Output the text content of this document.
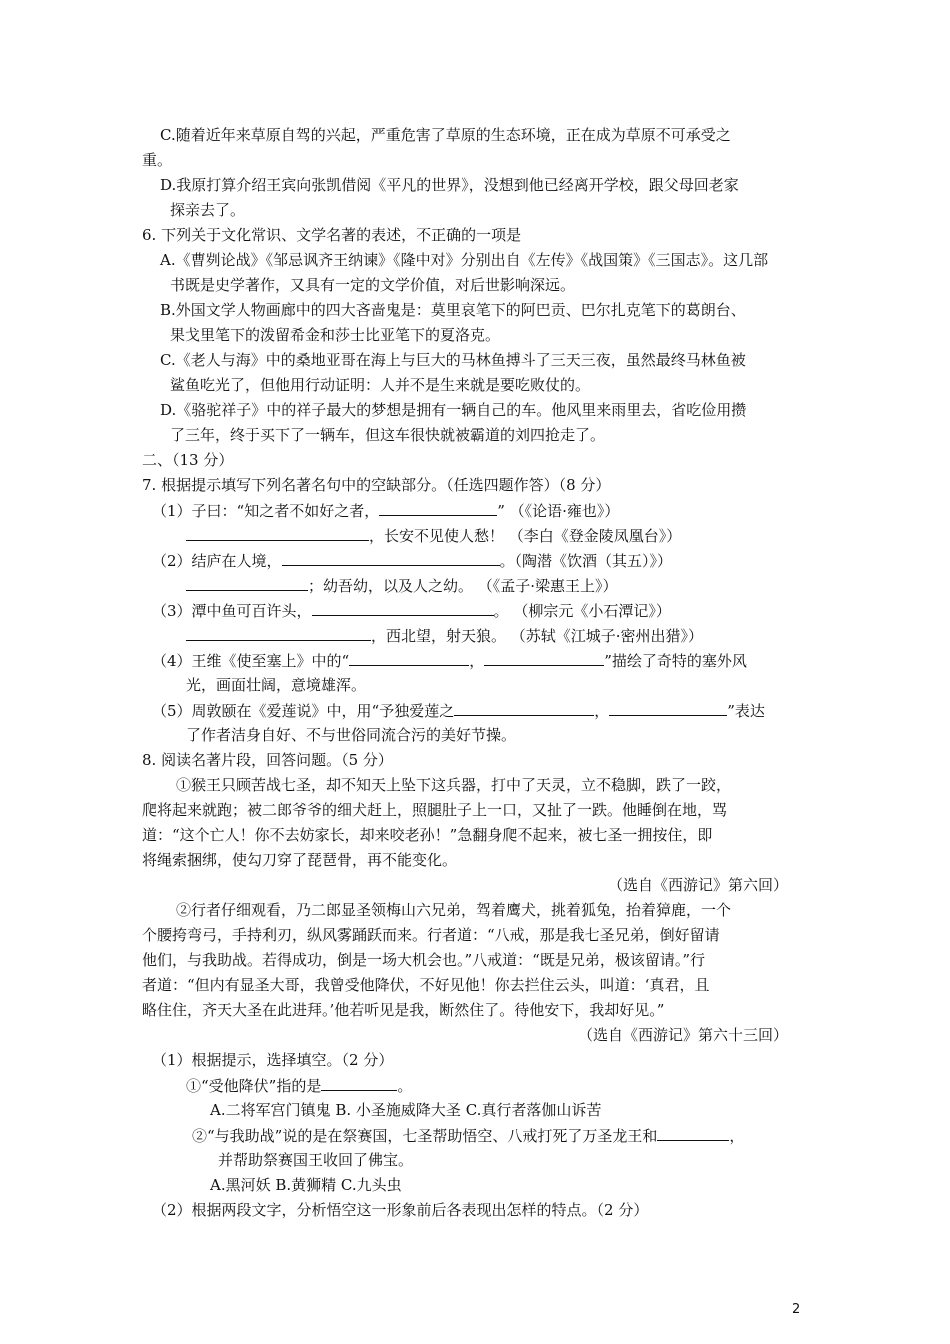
C.随着近年来草原自驾的兴起，严重危害了草原的生态环境，正在成为草原不可承受之
重。
D.我原打算介绍王宾向张凯借阅《平凡的世界》，没想到他已经离开学校，跟父母回老家
探亲去了。
6. 下列关于文化常识、文学名著的表述，不正确的一项是
A.《曹刿论战》《邹忌讽齐王纳谏》《隆中对》分别出自《左传》《战国策》《三国志》。这几部
书既是史学著作，又具有一定的文学价值，对后世影响深远。
B.外国文学人物画廊中的四大吝啬鬼是：莫里哀笔下的阿巴贡、巴尔扎克笔下的葛朗台、
果戈里笔下的泼留希金和莎士比亚笔下的夏洛克。
C.《老人与海》中的桑地亚哥在海上与巨大的马林鱼搏斗了三天三夜，虽然最终马林鱼被
鲨鱼吃光了，但他用行动证明：人并不是生来就是要吃败仗的。
D.《骆驼祥子》中的祥子最大的梦想是拥有一辆自己的车。他风里来雨里去，省吃俭用攒
了三年，终于买下了一辆车，但这车很快就被霸道的刘四抢走了。
二、（13 分）
7. 根据提示填写下列名著名句中的空缺部分。（任选四题作答）（8 分）
（1）子曰：“知之者不如好之者，	” （《论语·雍也》）
，长安不见使人愁！ （李白《登金陵凤凰台》）
（2）结庐在人境，	。（陶潜《饮酒（其五）》）
；幼吾幼，以及人之幼。 （《孟子·梁惠王上》）
（3）潭中鱼可百许头，	。 （柳宗元《小石潭记》）
，西北望，射天狼。 （苏轼《江城子·密州出猎》）
（4）王维《使至塞上》中的“	，	”描绘了奇特的塞外风
光，画面壮阔，意境雄浑。
（5）周敦颐在《爱莲说》中，用“予独爱莲之	，	”表达
了作者洁身自好、不与世俗同流合污的美好节操。
8. 阅读名著片段，回答问题。（5 分）
①猴王只顾苦战七圣，却不知天上坠下这兵器，打中了天灵，立不稳脚，跌了一跤，
爬将起来就跑；被二郎爷爷的细犬赶上，照腿肚子上一口，又扯了一跌。他睡倒在地，骂
道：“这个亡人！你不去妨家长，却来咬老孙！”急翻身爬不起来，被七圣一拥按住，即
将绳索捆绑，使勾刀穿了琵琶骨，再不能变化。
（选自《西游记》第六回）
②行者仔细观看，乃二郎显圣领梅山六兄弟，驾着鹰犬，挑着狐兔，抬着獐鹿，一个
个腰挎弯弓，手持利刃，纵风雾踊跃而来。行者道：“八戒，那是我七圣兄弟，倒好留请
他们，与我助战。若得成功，倒是一场大机会也。”八戒道：“既是兄弟，极该留请。”行
者道：“但内有显圣大哥，我曾受他降伏，不好见他！你去拦住云头，叫道：‘真君，且
略住住，齐天大圣在此进拜。’他若听见是我，断然住了。待他安下，我却好见。”
（选自《西游记》第六十三回）
（1）根据提示，选择填空。（2 分）
①“受他降伏”指的是	。
A.二将军宫门镇鬼 B. 小圣施威降大圣 C.真行者落伽山诉苦
②“与我助战”说的是在祭赛国，七圣帮助悟空、八戒打死了万圣龙王和	，
并帮助祭赛国王收回了佛宝。
A.黑河妖 B.黄狮精 C.九头虫
（2）根据两段文字，分析悟空这一形象前后各表现出怎样的特点。（2 分）
2
